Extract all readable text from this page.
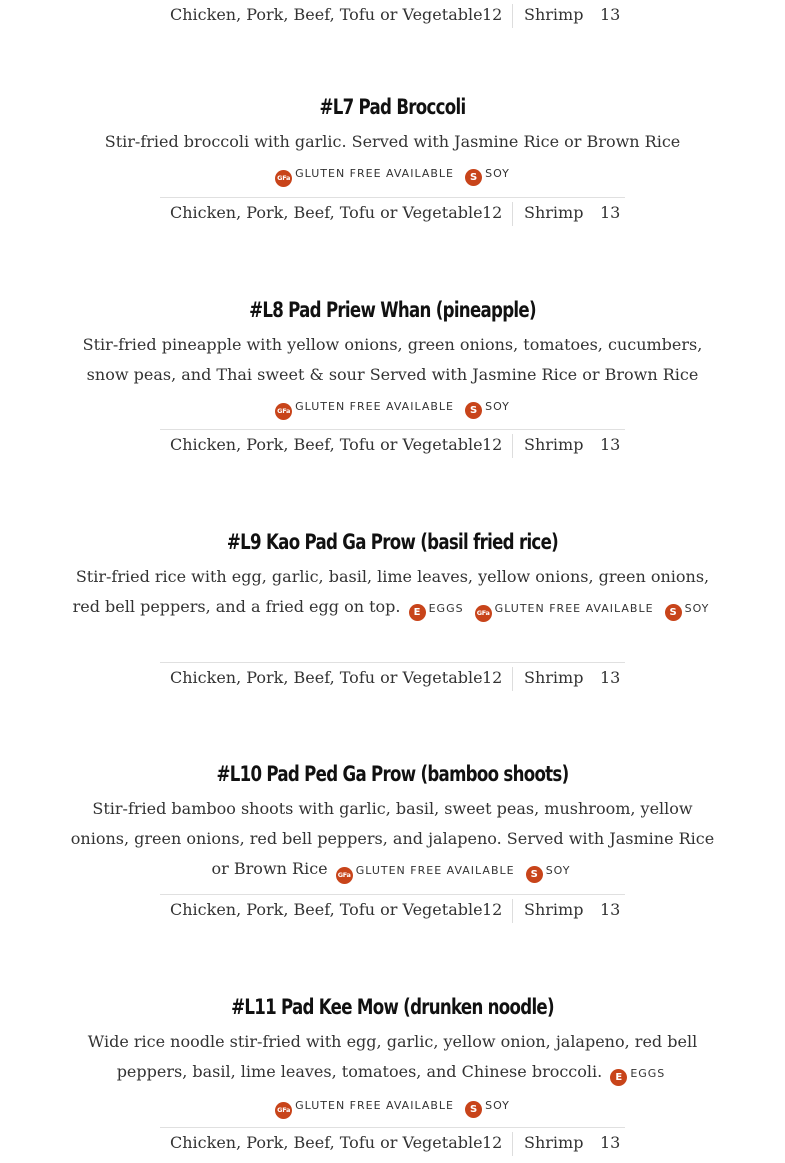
Chicken, Pork, Beef, Tofu or Vegetable 12 Shrimp 13
#L7 Pad Broccoli
Stir-fried broccoli with garlic. Served with Jasmine Rice or Brown Rice
GFa GLUTEN FREE AVAILABLE S SOY
Chicken, Pork, Beef, Tofu or Vegetable 12 Shrimp 13
#L8 Pad Priew Whan (pineapple)
Stir-fried pineapple with yellow onions, green onions, tomatoes, cucumbers, snow peas, and Thai sweet & sour Served with Jasmine Rice or Brown Rice
GFa GLUTEN FREE AVAILABLE S SOY
Chicken, Pork, Beef, Tofu or Vegetable 12 Shrimp 13
#L9 Kao Pad Ga Prow (basil fried rice)
Stir-fried rice with egg, garlic, basil, lime leaves, yellow onions, green onions, red bell peppers, and a fried egg on top. E EGGS GFa GLUTEN FREE AVAILABLE S SOY
Chicken, Pork, Beef, Tofu or Vegetable 12 Shrimp 13
#L10 Pad Ped Ga Prow (bamboo shoots)
Stir-fried bamboo shoots with garlic, basil, sweet peas, mushroom, yellow onions, green onions, red bell peppers, and jalapeno. Served with Jasmine Rice or Brown Rice GFa GLUTEN FREE AVAILABLE S SOY
Chicken, Pork, Beef, Tofu or Vegetable 12 Shrimp 13
#L11 Pad Kee Mow (drunken noodle)
Wide rice noodle stir-fried with egg, garlic, yellow onion, jalapeno, red bell peppers, basil, lime leaves, tomatoes, and Chinese broccoli. E EGGS
GFa GLUTEN FREE AVAILABLE S SOY
Chicken, Pork, Beef, Tofu or Vegetable 12 Shrimp 13
